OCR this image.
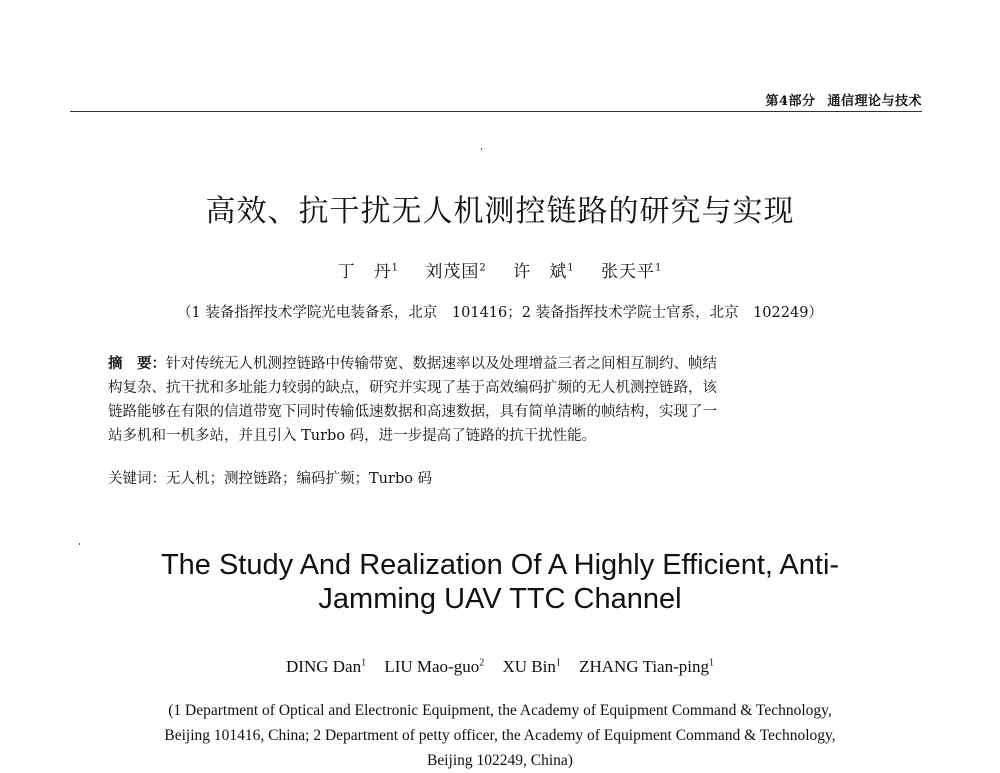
第4部分 通信理论与技术
高效、抗干扰无人机测控链路的研究与实现
丁　丹$^1$ 刘茂国$^2$ 许　斌$^1$ 张天平$^1$
（1 装备指挥技术学院光电装备系，北京　101416；2 装备指挥技术学院士官系，北京　102249）
摘　要：针对传统无人机测控链路中传输带宽、数据速率以及处理增益三者之间相互制约、帧结
构复杂、抗干扰和多址能力较弱的缺点，研究并实现了基于高效编码扩频的无人机测控链路，该
链路能够在有限的信道带宽下同时传输低速数据和高速数据，具有简单清晰的帧结构，实现了一
站多机和一机多站，并且引入 Turbo 码，进一步提高了链路的抗干扰性能。
关键词：无人机；测控链路；编码扩频；Turbo 码
The Study And Realization Of A Highly Efficient, Anti-
Jamming UAV TTC Channel
DING Dan$^1$ LIU Mao-guo$^2$ XU Bin$^1$ ZHANG Tian-ping$^1$
(1 Department of Optical and Electronic Equipment, the Academy of Equipment Command & Technology,
Beijing 101416, China; 2 Department of petty officer, the Academy of Equipment Command & Technology,
Beijing 102249, China)
